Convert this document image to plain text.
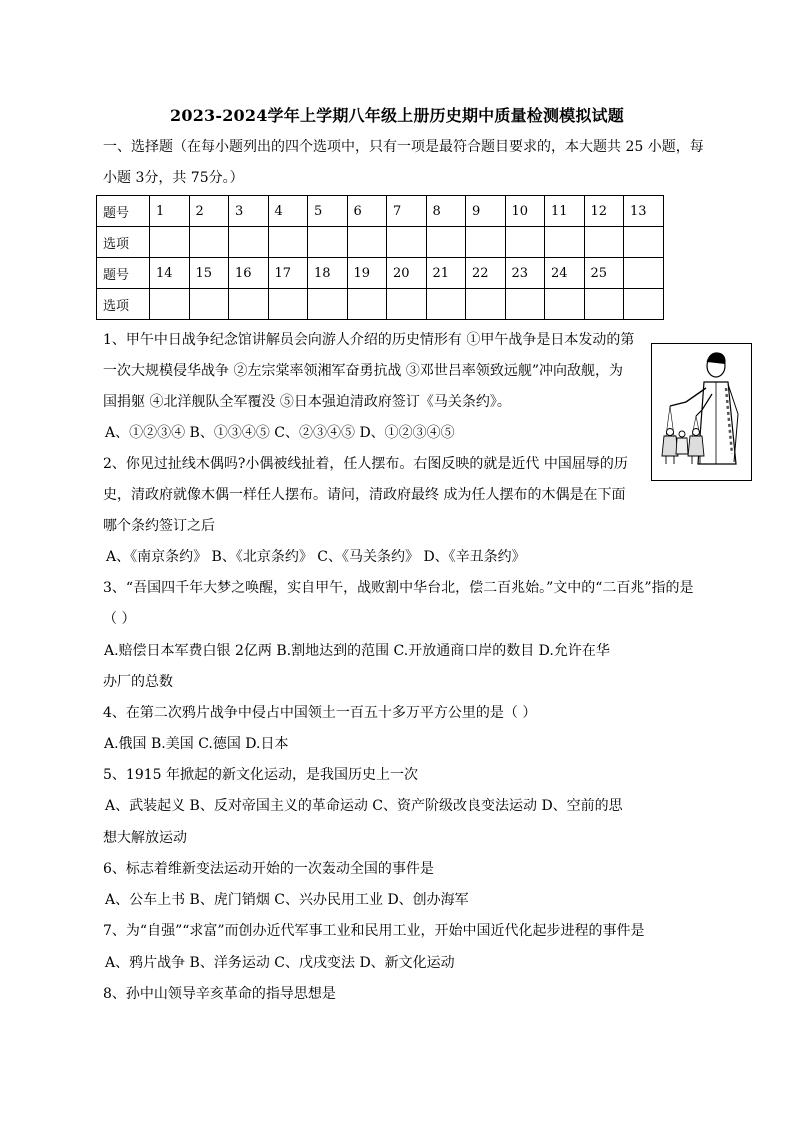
2023-2024学年上学期八年级上册历史期中质量检测模拟试题
一、选择题（在每小题列出的四个选项中，只有一项是最符合题目要求的，本大题共 25 小题，每
小题 3分，共 75分。）
题号	1	2	3	4	5	6	7	8	9	10	11	12	13
选项													
题号	14	15	16	17	18	19	20	21	22	23	24	25	
选项													
1、甲午中日战争纪念馆讲解员会向游人介绍的历史情形有 ①甲午战争是日本发动的第
一次大规模侵华战争 ②左宗棠率领湘军奋勇抗战 ③邓世吕率领致远舰”冲向敌舰，为
国捐躯 ④北洋舰队全军覆没 ⑤日本强迫清政府签订《马关条约》。
A、①②③④ B、①③④⑤ C、②③④⑤ D、①②③④⑤
2、你见过扯线木偶吗?小偶被线扯着，任人摆布。右图反映的就是近代 中国屈辱的历
史，清政府就像木偶一样任人摆布。请问，清政府最终 成为任人摆布的木偶是在下面
哪个条约签订之后
A、《南京条约》 B、《北京条约》 C、《马关条约》 D、《辛丑条约》
3、“吾国四千年大梦之唤醒，实自甲午，战败割中华台北，偿二百兆始。”文中的“二百兆”指的是
（ ）
A.赔偿日本军费白银 2亿两 B.割地达到的范围 C.开放通商口岸的数目 D.允许在华
办厂的总数
4、在第二次鸦片战争中侵占中国领土一百五十多万平方公里的是（ ）
A.俄国 B.美国 C.德国 D.日本
5、1915 年掀起的新文化运动，是我国历史上一次
A、武装起义 B、反对帝国主义的革命运动 C、资产阶级改良变法运动 D、空前的思
想大解放运动
6、标志着维新变法运动开始的一次轰动全国的事件是
A、公车上书 B、虎门销烟 C、兴办民用工业 D、创办海军
7、为“自强”“求富”而创办近代军事工业和民用工业，开始中国近代化起步进程的事件是
A、鸦片战争 B、洋务运动 C、戊戌变法 D、新文化运动
8、孙中山领导辛亥革命的指导思想是
